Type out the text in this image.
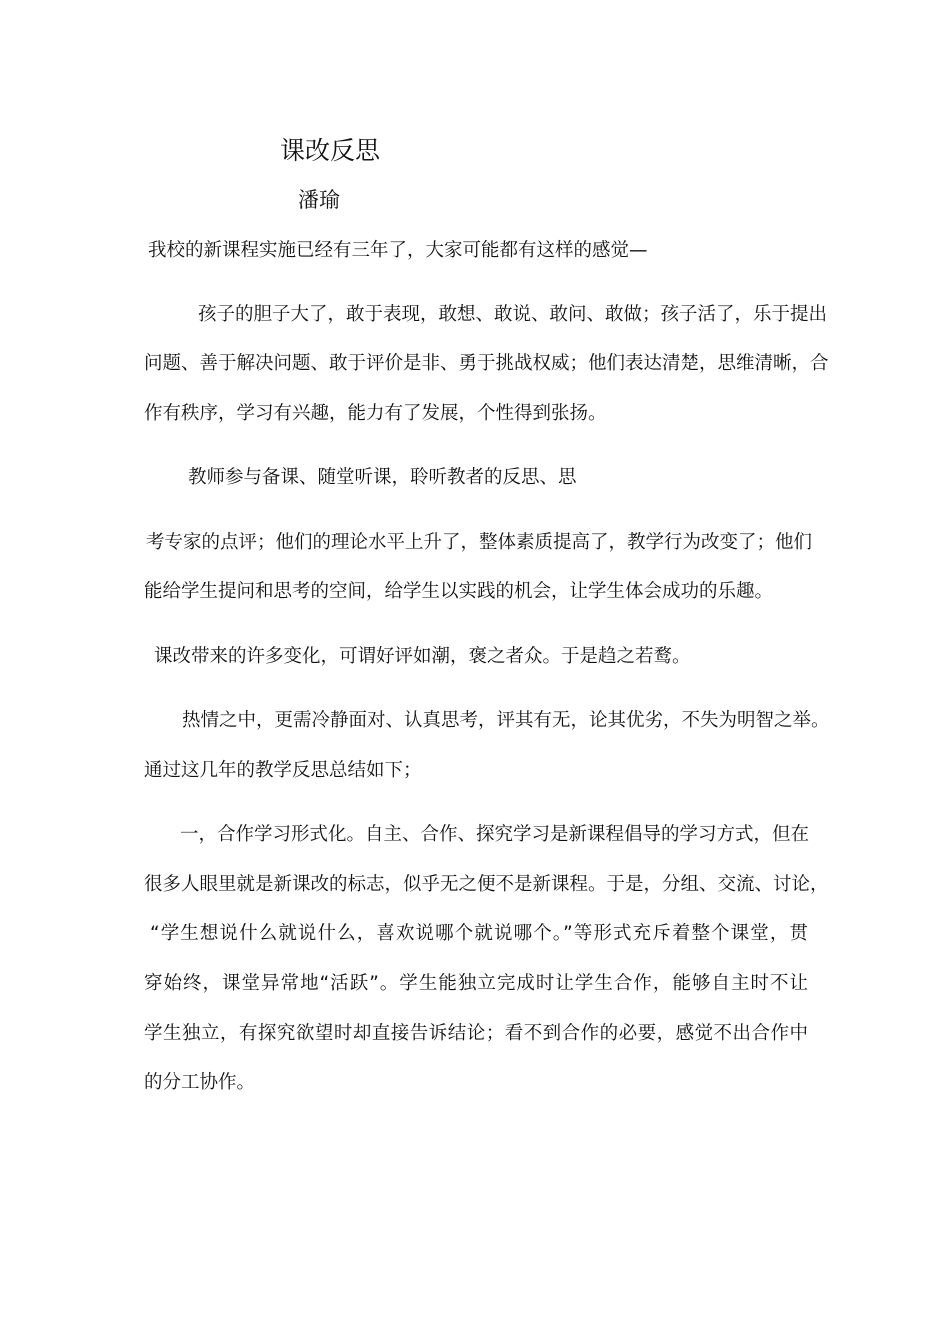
课改反思
潘瑜
我校的新课程实施已经有三年了，大家可能都有这样的感觉—
孩子的胆子大了，敢于表现，敢想、敢说、敢问、敢做；孩子活了，乐于提出
问题、善于解决问题、敢于评价是非、勇于挑战权威；他们表达清楚，思维清晰，合
作有秩序，学习有兴趣，能力有了发展，个性得到张扬。
教师参与备课、随堂听课，聆听教者的反思、思
考专家的点评；他们的理论水平上升了，整体素质提高了，教学行为改变了；他们
能给学生提问和思考的空间，给学生以实践的机会，让学生体会成功的乐趣。
课改带来的许多变化，可谓好评如潮，褒之者众。于是趋之若鹜。
热情之中，更需冷静面对、认真思考，评其有无，论其优劣，不失为明智之举。
通过这几年的教学反思总结如下；
一，合作学习形式化。自主、合作、探究学习是新课程倡导的学习方式，但在
很多人眼里就是新课改的标志，似乎无之便不是新课程。于是，分组、交流、讨论，
“学生想说什么就说什么，喜欢说哪个就说哪个。”等形式充斥着整个课堂，贯
穿始终，课堂异常地“活跃”。学生能独立完成时让学生合作，能够自主时不让
学生独立，有探究欲望时却直接告诉结论；看不到合作的必要，感觉不出合作中
的分工协作。
